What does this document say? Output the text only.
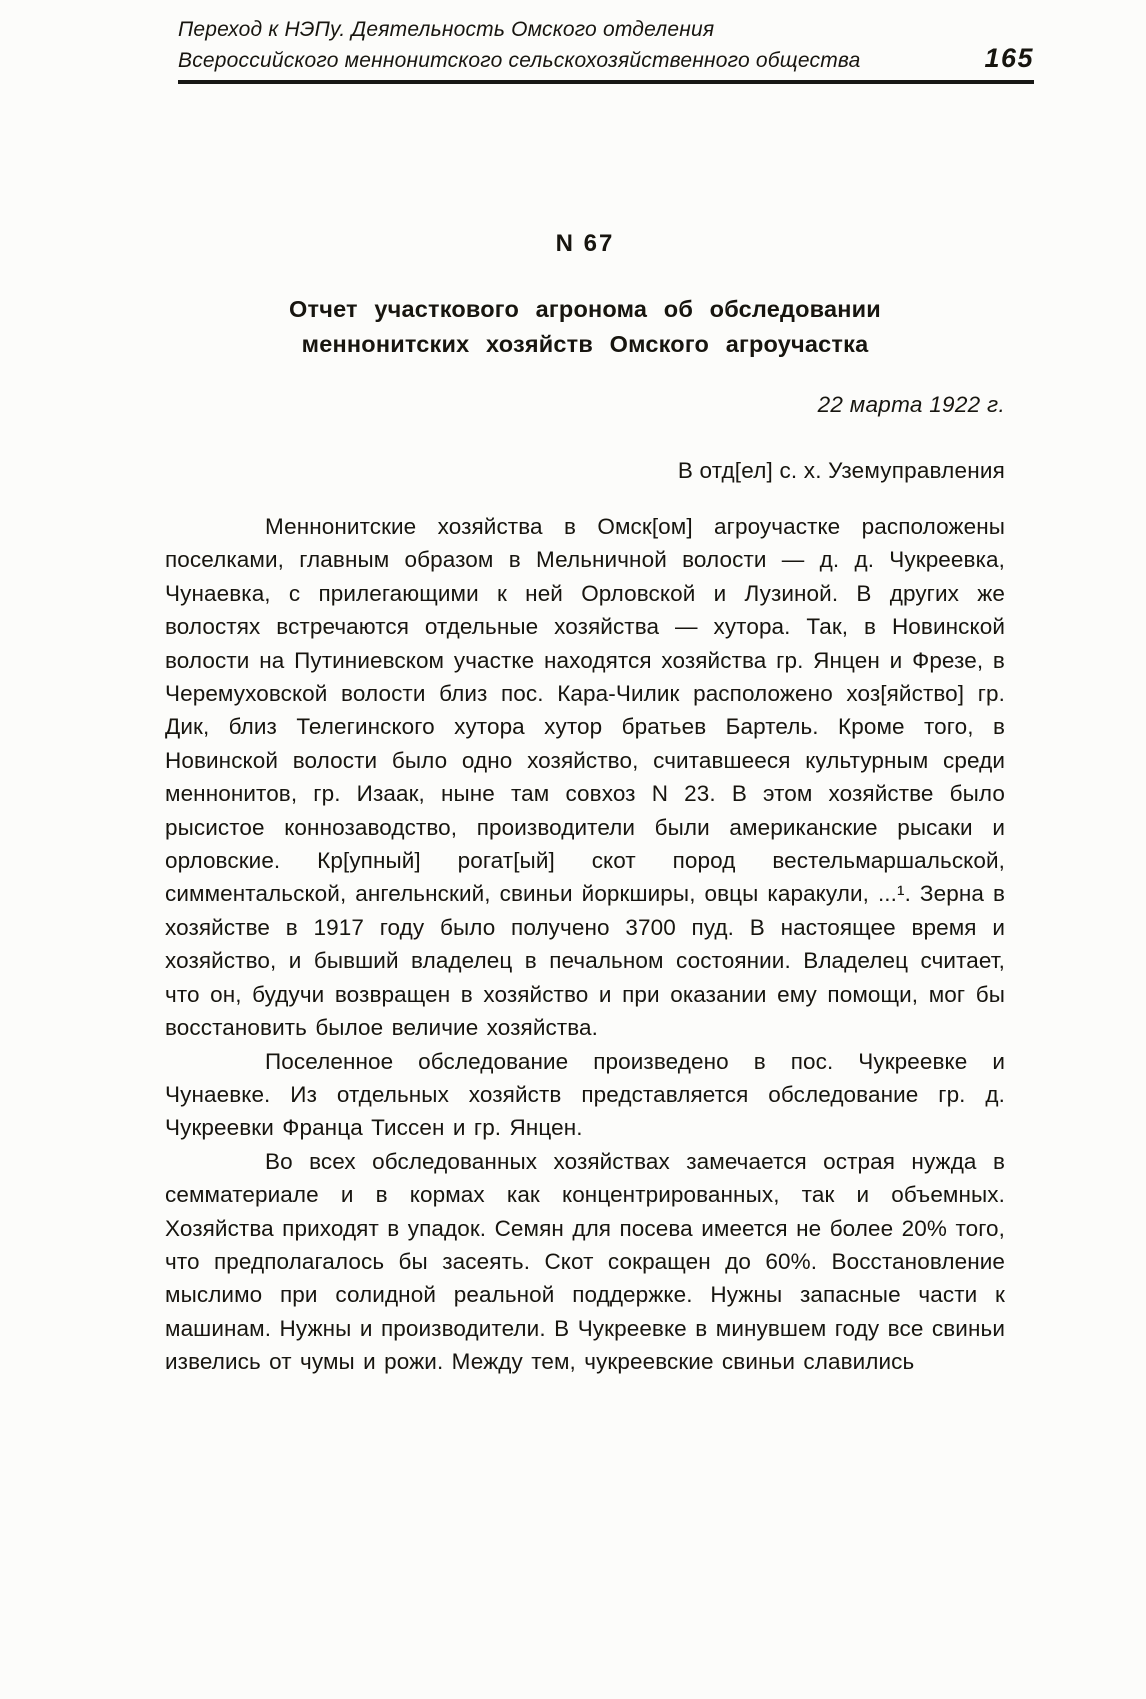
Переход к НЭПу. Деятельность Омского отделения
Всероссийского меннонитского сельскохозяйственного общества	165
N 67
Отчет участкового агронома об обследовании
меннонитских хозяйств Омского агроучастка
22 марта 1922 г.
В отд[ел] с. х. Уземуправления

Меннонитские хозяйства в Омск[ом] агроучастке расположены поселками, главным образом в Мельничной волости — д. д. Чукреевка, Чунаевка, с прилегающими к ней Орловской и Лузиной. В других же волостях встречаются отдельные хозяйства — хутора. Так, в Новинской волости на Путиниевском участке находятся хозяйства гр. Янцен и Фрезе, в Черемуховской волости близ пос. Кара-Чилик расположено хоз[яйство] гр. Дик, близ Телегинского хутора хутор братьев Бартель. Кроме того, в Новинской волости было одно хозяйство, считавшееся культурным среди меннонитов, гр. Изаак, ныне там совхоз N 23. В этом хозяйстве было рысистое коннозаводство, производители были американские рысаки и орловские. Кр[упный] рогат[ый] скот пород вестельмаршальской, симментальской, ангельнский, свиньи йоркширы, овцы каракули, ...¹. Зерна в хозяйстве в 1917 году было получено 3700 пуд. В настоящее время и хозяйство, и бывший владелец в печальном состоянии. Владелец считает, что он, будучи возвращен в хозяйство и при оказании ему помощи, мог бы восстановить былое величие хозяйства.

Поселенное обследование произведено в пос. Чукреевке и Чунаевке. Из отдельных хозяйств представляется обследование гр. д. Чукреевки Франца Тиссен и гр. Янцен.

Во всех обследованных хозяйствах замечается острая нужда в семматериале и в кормах как концентрированных, так и объемных. Хозяйства приходят в упадок. Семян для посева имеется не более 20% того, что предполагалось бы засеять. Скот сокращен до 60%. Восстановление мыслимо при солидной реальной поддержке. Нужны запасные части к машинам. Нужны и производители. В Чукреевке в минувшем году все свиньи извелись от чумы и рожи. Между тем, чукреевские свиньи славились
